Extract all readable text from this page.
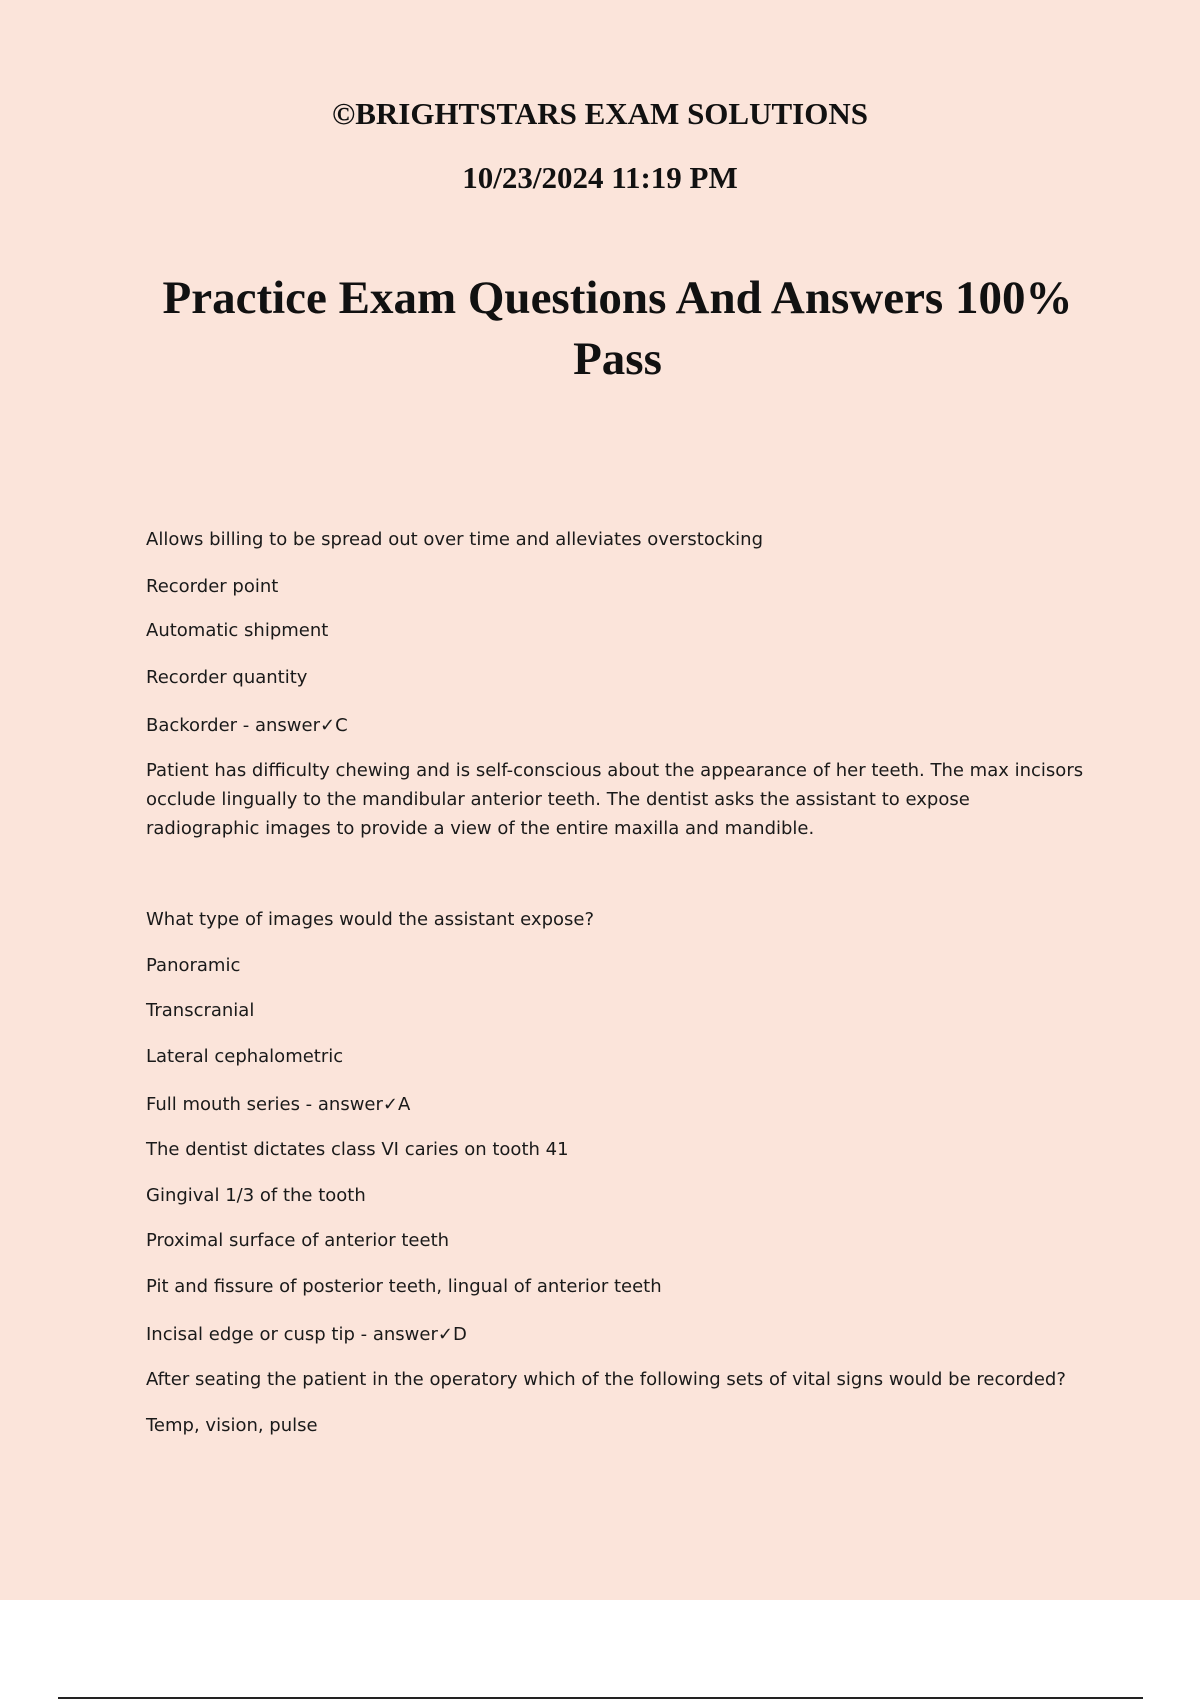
©BRIGHTSTARS EXAM SOLUTIONS

10/23/2024 11:19 PM

Practice Exam Questions And Answers 100% Pass

Allows billing to be spread out over time and alleviates overstocking

Recorder point

Automatic shipment

Recorder quantity

Backorder - answer✓C

Patient has difficulty chewing and is self-conscious about the appearance of her teeth. The max incisors occlude lingually to the mandibular anterior teeth. The dentist asks the assistant to expose radiographic images to provide a view of the entire maxilla and mandible.

What type of images would the assistant expose?

Panoramic

Transcranial

Lateral cephalometric

Full mouth series - answer✓A

The dentist dictates class VI caries on tooth 41

Gingival 1/3 of the tooth

Proximal surface of anterior teeth

Pit and fissure of posterior teeth, lingual of anterior teeth

Incisal edge or cusp tip - answer✓D

After seating the patient in the operatory which of the following sets of vital signs would be recorded?

Temp, vision, pulse
